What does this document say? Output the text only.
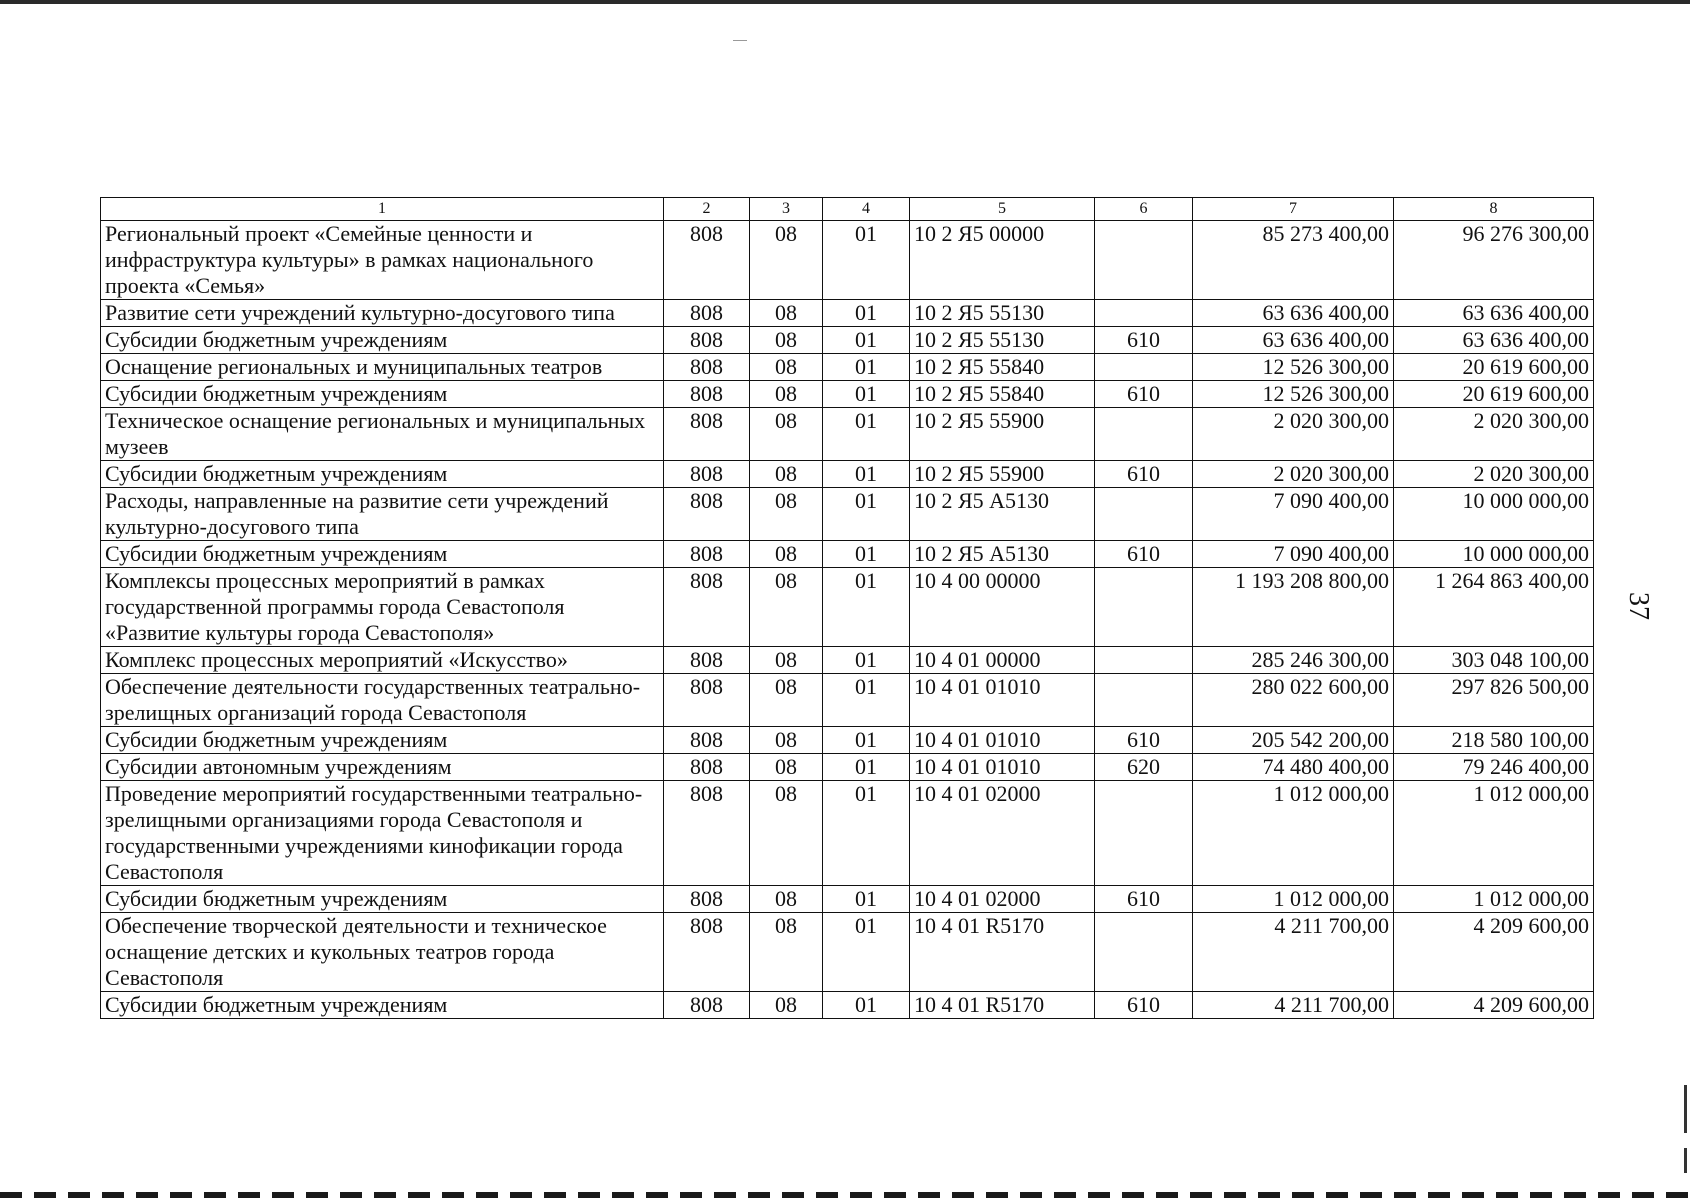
37
1	2	3	4	5	6	7	8
Региональный проект «Семейные ценности и инфраструктура культуры» в рамках национального проекта «Семья»	808	08	01	10 2 Я5 00000		85 273 400,00	96 276 300,00
Развитие сети учреждений культурно-досугового типа	808	08	01	10 2 Я5 55130		63 636 400,00	63 636 400,00
Субсидии бюджетным учреждениям	808	08	01	10 2 Я5 55130	610	63 636 400,00	63 636 400,00
Оснащение региональных и муниципальных театров	808	08	01	10 2 Я5 55840		12 526 300,00	20 619 600,00
Субсидии бюджетным учреждениям	808	08	01	10 2 Я5 55840	610	12 526 300,00	20 619 600,00
Техническое оснащение региональных и муниципальных музеев	808	08	01	10 2 Я5 55900		2 020 300,00	2 020 300,00
Субсидии бюджетным учреждениям	808	08	01	10 2 Я5 55900	610	2 020 300,00	2 020 300,00
Расходы, направленные на развитие сети учреждений культурно-досугового типа	808	08	01	10 2 Я5 А5130		7 090 400,00	10 000 000,00
Субсидии бюджетным учреждениям	808	08	01	10 2 Я5 А5130	610	7 090 400,00	10 000 000,00
Комплексы процессных мероприятий в рамках государственной программы города Севастополя «Развитие культуры города Севастополя»	808	08	01	10 4 00 00000		1 193 208 800,00	1 264 863 400,00
Комплекс процессных мероприятий «Искусство»	808	08	01	10 4 01 00000		285 246 300,00	303 048 100,00
Обеспечение деятельности государственных театрально-зрелищных организаций города Севастополя	808	08	01	10 4 01 01010		280 022 600,00	297 826 500,00
Субсидии бюджетным учреждениям	808	08	01	10 4 01 01010	610	205 542 200,00	218 580 100,00
Субсидии автономным учреждениям	808	08	01	10 4 01 01010	620	74 480 400,00	79 246 400,00
Проведение мероприятий государственными театрально-зрелищными организациями города Севастополя и государственными учреждениями кинофикации города Севастополя	808	08	01	10 4 01 02000		1 012 000,00	1 012 000,00
Субсидии бюджетным учреждениям	808	08	01	10 4 01 02000	610	1 012 000,00	1 012 000,00
Обеспечение творческой деятельности и техническое оснащение детских и кукольных театров города Севастополя	808	08	01	10 4 01 R5170		4 211 700,00	4 209 600,00
Субсидии бюджетным учреждениям	808	08	01	10 4 01 R5170	610	4 211 700,00	4 209 600,00
